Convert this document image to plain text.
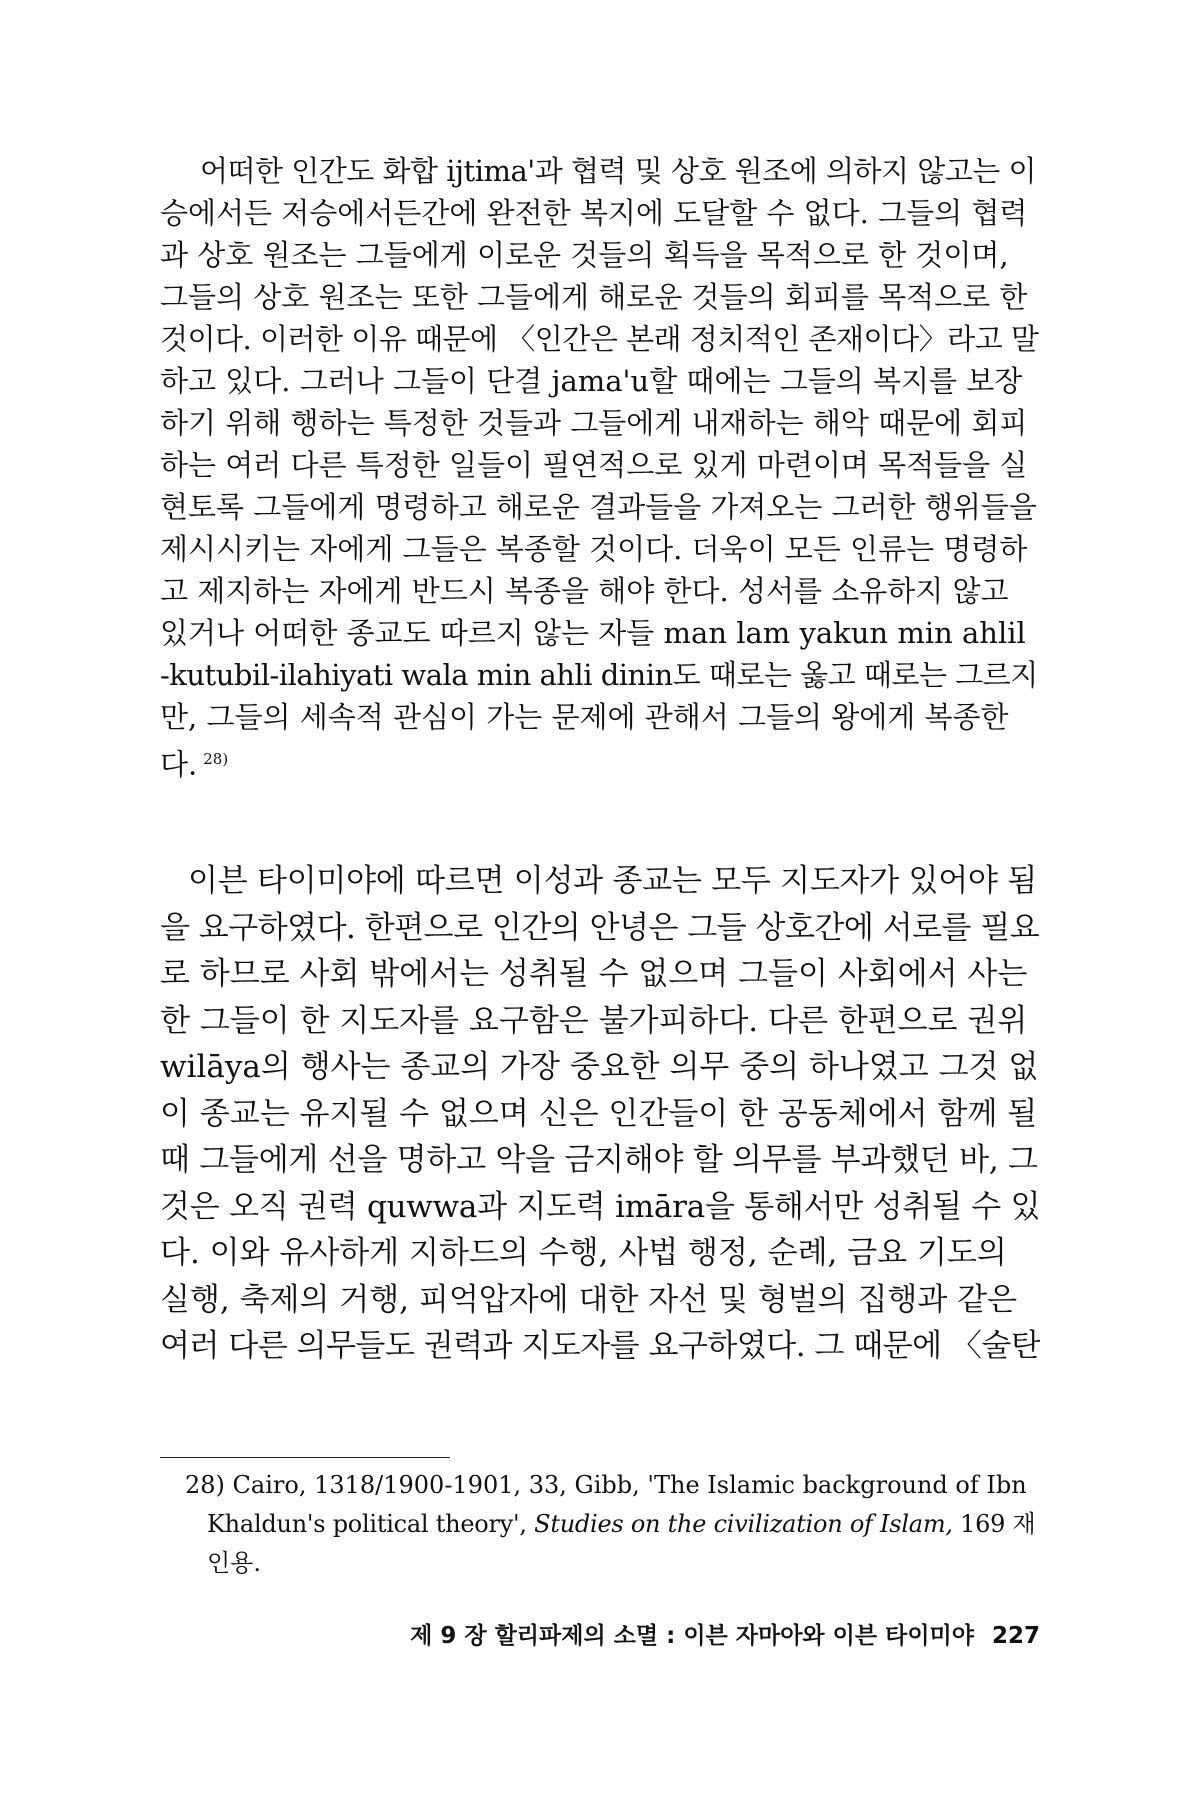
어떠한 인간도 화합 ijtima'과 협력 및 상호 원조에 의하지 않고는 이
승에서든 저승에서든간에 완전한 복지에 도달할 수 없다. 그들의 협력
과 상호 원조는 그들에게 이로운 것들의 획득을 목적으로 한 것이며,
그들의 상호 원조는 또한 그들에게 해로운 것들의 회피를 목적으로 한
것이다. 이러한 이유 때문에 〈인간은 본래 정치적인 존재이다〉라고 말
하고 있다. 그러나 그들이 단결 jama'u할 때에는 그들의 복지를 보장
하기 위해 행하는 특정한 것들과 그들에게 내재하는 해악 때문에 회피
하는 여러 다른 특정한 일들이 필연적으로 있게 마련이며 목적들을 실
현토록 그들에게 명령하고 해로운 결과들을 가져오는 그러한 행위들을
제시시키는 자에게 그들은 복종할 것이다. 더욱이 모든 인류는 명령하
고 제지하는 자에게 반드시 복종을 해야 한다. 성서를 소유하지 않고
있거나 어떠한 종교도 따르지 않는 자들 man lam yakun min ahlil
-kutubil-ilahiyati wala min ahli dinin도 때로는 옳고 때로는 그르지
만, 그들의 세속적 관심이 가는 문제에 관해서 그들의 왕에게 복종한
다. $^{28)}$
이븐 타이미야에 따르면 이성과 종교는 모두 지도자가 있어야 됨
을 요구하였다. 한편으로 인간의 안녕은 그들 상호간에 서로를 필요
로 하므로 사회 밖에서는 성취될 수 없으며 그들이 사회에서 사는
한 그들이 한 지도자를 요구함은 불가피하다. 다른 한편으로 권위
wilāya의 행사는 종교의 가장 중요한 의무 중의 하나였고 그것 없
이 종교는 유지될 수 없으며 신은 인간들이 한 공동체에서 함께 될
때 그들에게 선을 명하고 악을 금지해야 할 의무를 부과했던 바, 그
것은 오직 권력 quwwa과 지도력 imāra을 통해서만 성취될 수 있
다. 이와 유사하게 지하드의 수행, 사법 행정, 순례, 금요 기도의
실행, 축제의 거행, 피억압자에 대한 자선 및 형벌의 집행과 같은
여러 다른 의무들도 권력과 지도자를 요구하였다. 그 때문에 〈술탄
28) Cairo, 1318/1900-1901, 33, Gibb, 'The Islamic background of Ibn
Khaldun's political theory', Studies on the civilization of Islam, 169 재
인용.
제 9 장 할리파제의 소멸 : 이븐 자마아와 이븐 타이미야 227
